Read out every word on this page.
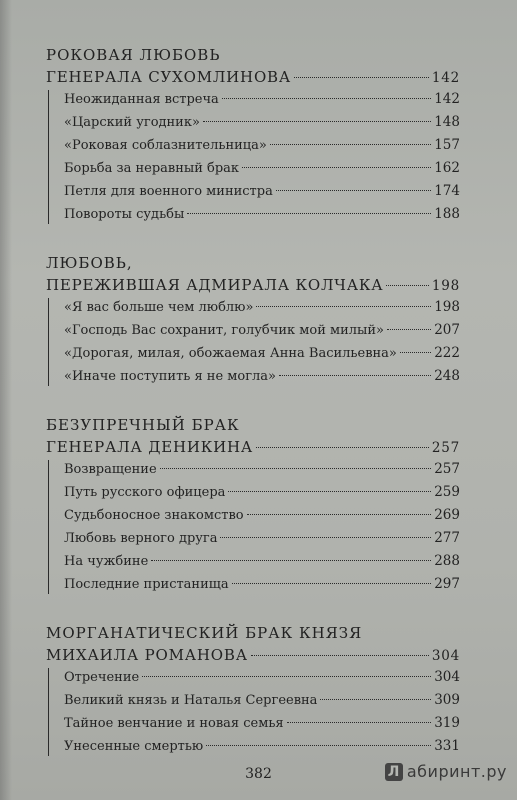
РОКОВАЯ ЛЮБОВЬ
ГЕНЕРАЛА СУХОМЛИНОВА	142
Неожиданная встреча	142
«Царский угодник»	148
«Роковая соблазнительница»	157
Борьба за неравный брак	162
Петля для военного министра	174
Повороты судьбы	188
ЛЮБОВЬ,
ПЕРЕЖИВШАЯ АДМИРАЛА КОЛЧАКА	198
«Я вас больше чем люблю»	198
«Господь Вас сохранит, голубчик мой милый»	207
«Дорогая, милая, обожаемая Анна Васильевна»	222
«Иначе поступить я не могла»	248
БЕЗУПРЕЧНЫЙ БРАК
ГЕНЕРАЛА ДЕНИКИНА	257
Возвращение	257
Путь русского офицера	259
Судьбоносное знакомство	269
Любовь верного друга	277
На чужбине	288
Последние пристанища	297
МОРГАНАТИЧЕСКИЙ БРАК КНЯЗЯ
МИХАИЛА РОМАНОВА	304
Отречение	304
Великий князь и Наталья Сергеевна	309
Тайное венчание и новая семья	319
Унесенные смертью	331
382	Л абиринт.ру
